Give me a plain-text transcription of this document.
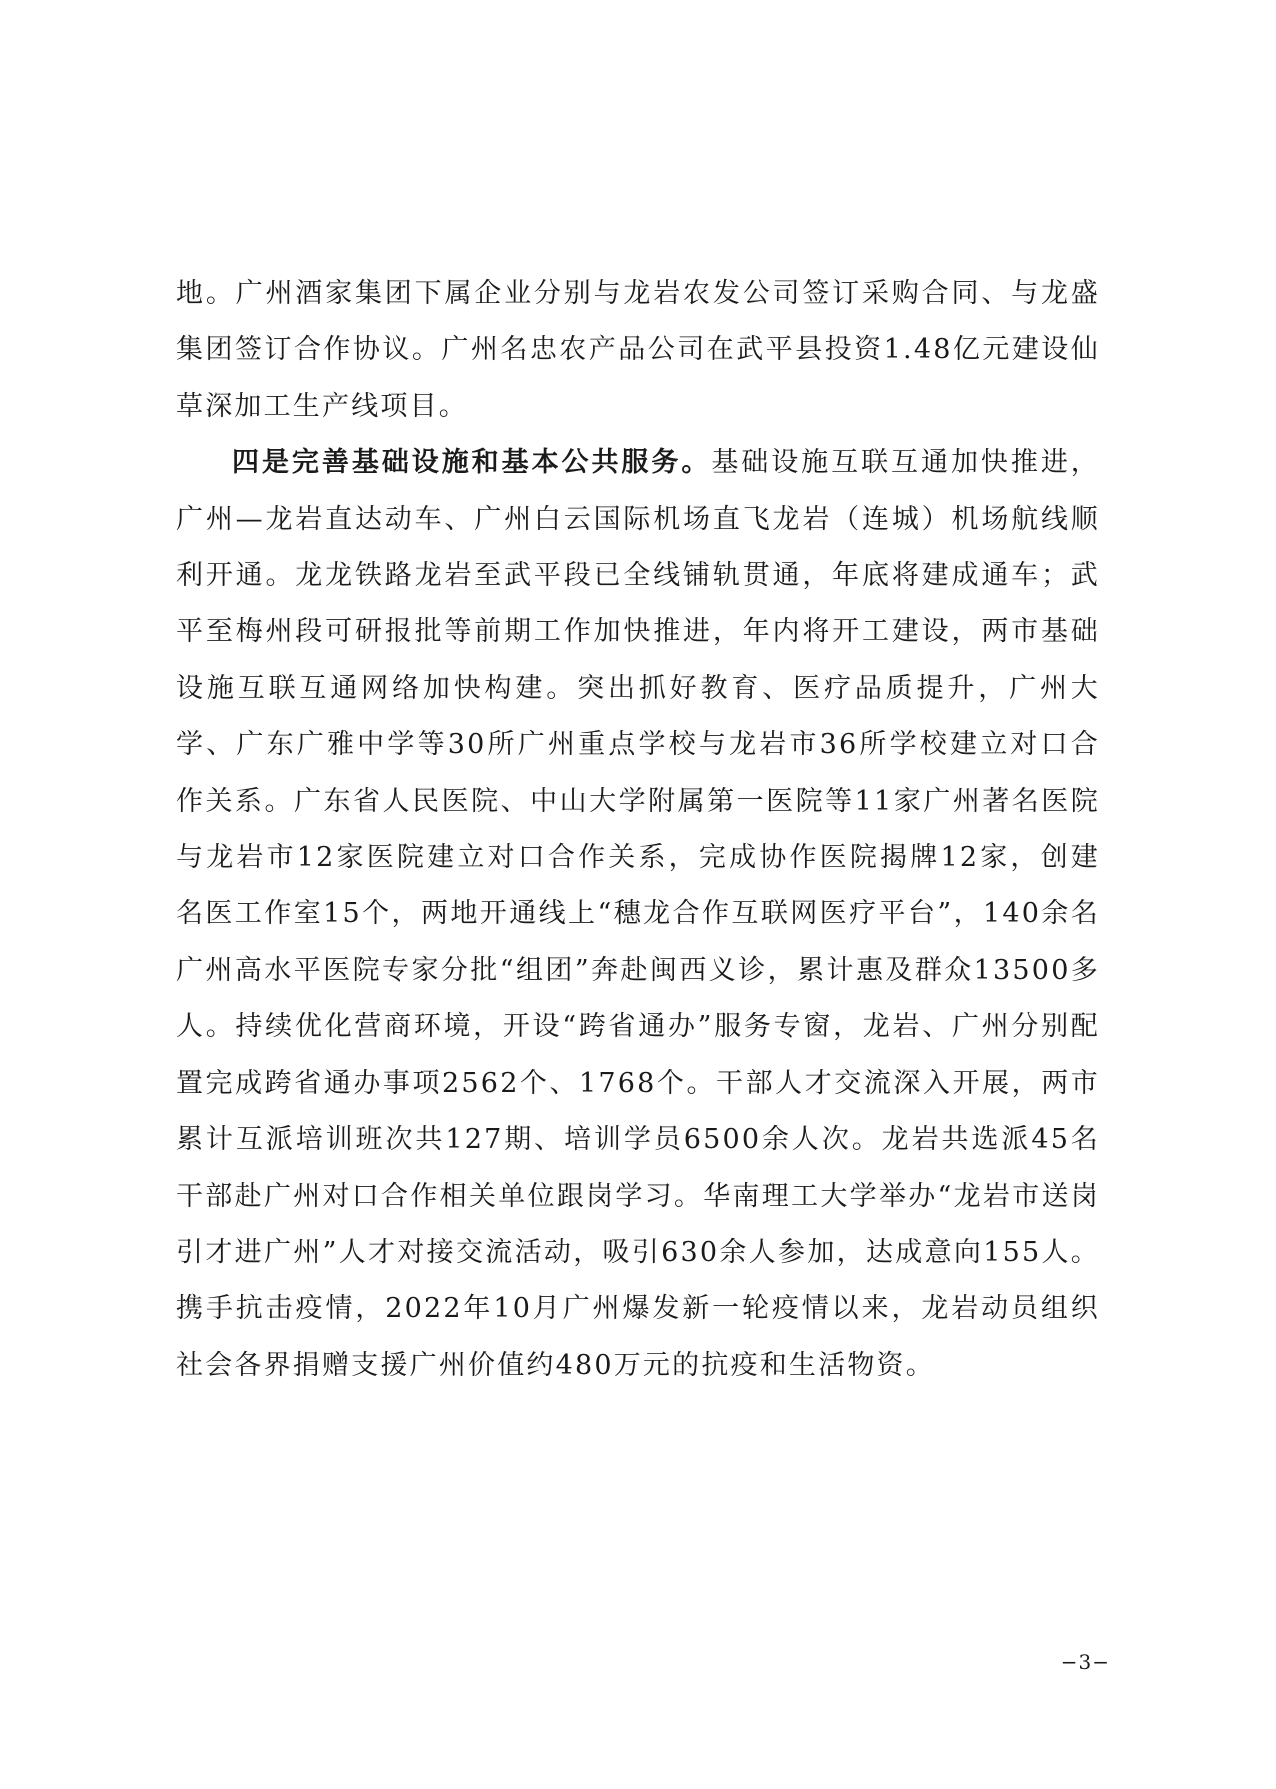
地。广州酒家集团下属企业分别与龙岩农发公司签订采购合同、与龙盛集团签订合作协议。广州名忠农产品公司在武平县投资1.48亿元建设仙草深加工生产线项目。

四是完善基础设施和基本公共服务。基础设施互联互通加快推进，广州—龙岩直达动车、广州白云国际机场直飞龙岩（连城）机场航线顺利开通。龙龙铁路龙岩至武平段已全线铺轨贯通，年底将建成通车；武平至梅州段可研报批等前期工作加快推进，年内将开工建设，两市基础设施互联互通网络加快构建。突出抓好教育、医疗品质提升，广州大学、广东广雅中学等30所广州重点学校与龙岩市36所学校建立对口合作关系。广东省人民医院、中山大学附属第一医院等11家广州著名医院与龙岩市12家医院建立对口合作关系，完成协作医院揭牌12家，创建名医工作室15个，两地开通线上“穗龙合作互联网医疗平台”，140余名广州高水平医院专家分批“组团”奔赴闽西义诊，累计惠及群众13500多人。持续优化营商环境，开设“跨省通办”服务专窗，龙岩、广州分别配置完成跨省通办事项2562个、1768个。干部人才交流深入开展，两市累计互派培训班次共127期、培训学员6500余人次。龙岩共选派45名干部赴广州对口合作相关单位跟岗学习。华南理工大学举办“龙岩市送岗引才进广州”人才对接交流活动，吸引630余人参加，达成意向155人。携手抗击疫情，2022年10月广州爆发新一轮疫情以来，龙岩动员组织社会各界捐赠支援广州价值约480万元的抗疫和生活物资。

−3−
